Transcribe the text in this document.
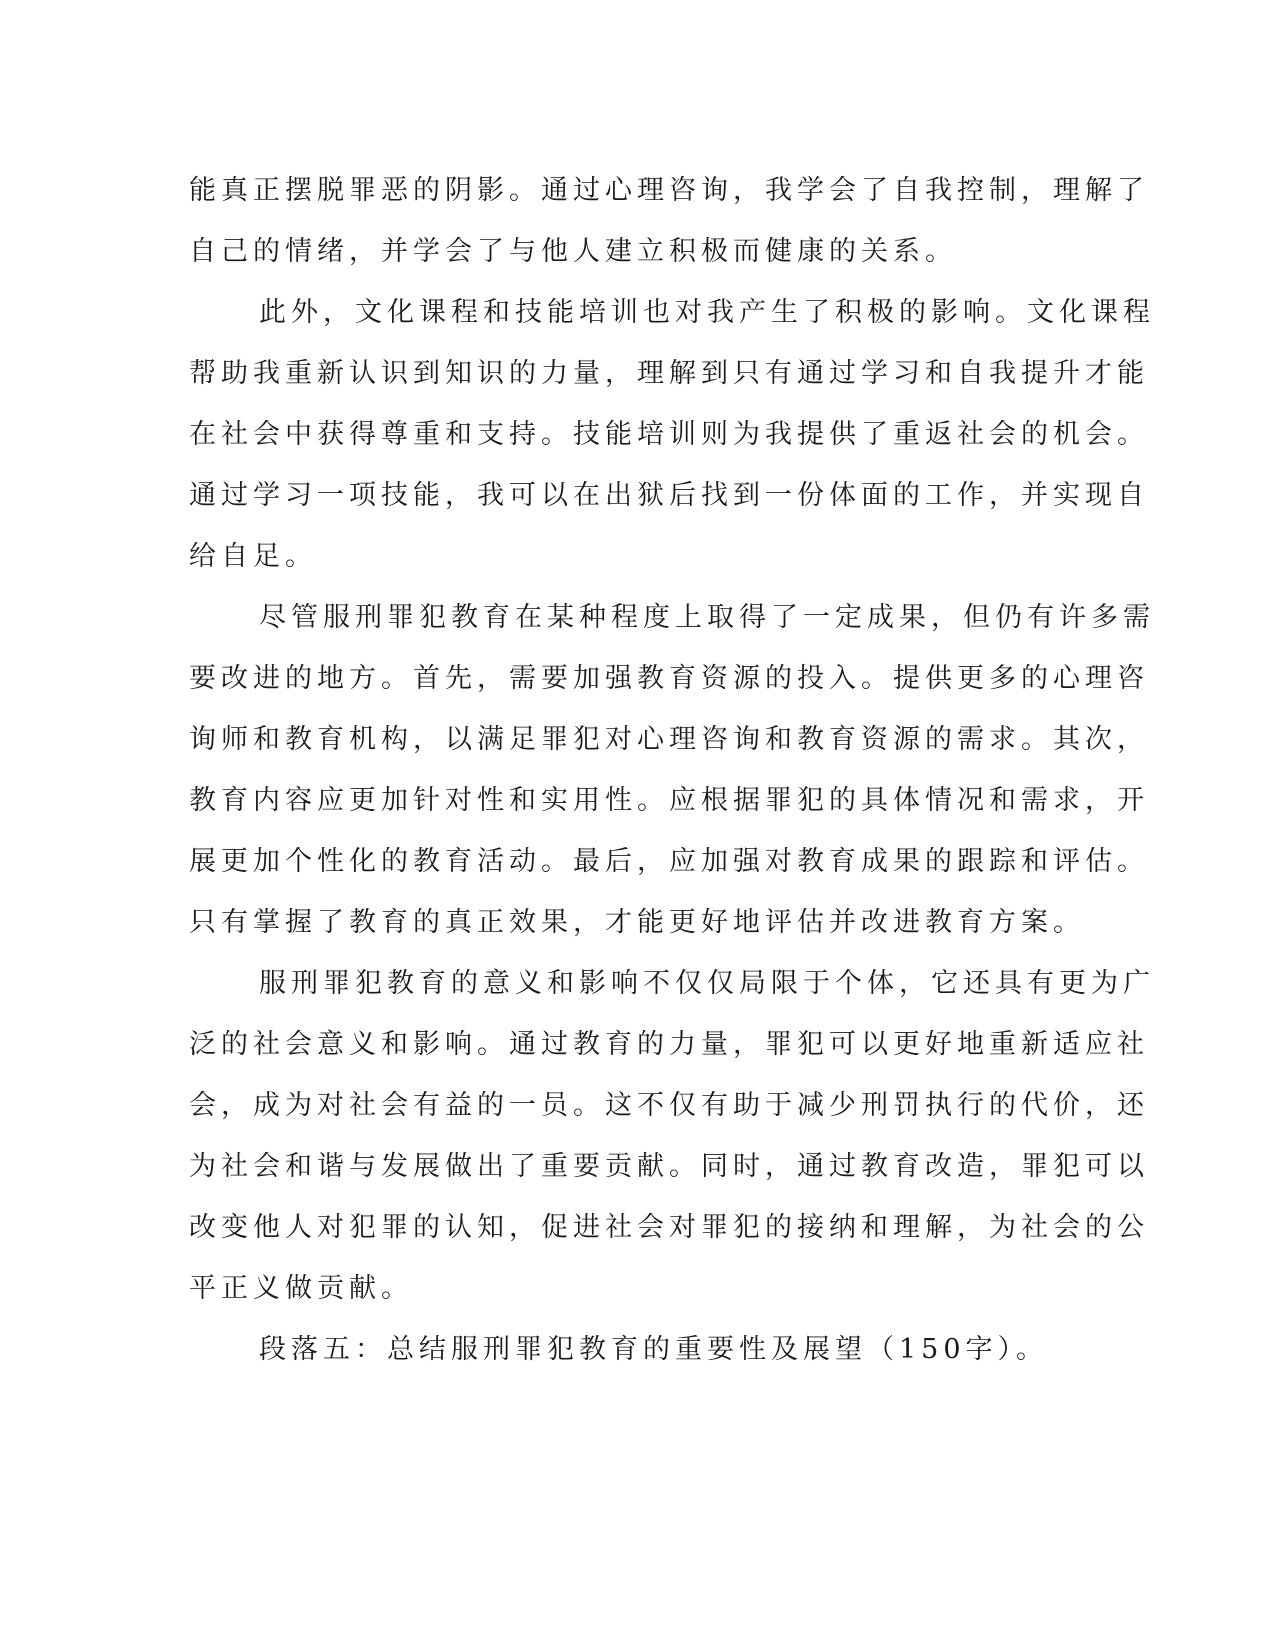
能真正摆脱罪恶的阴影。通过心理咨询，我学会了自我控制，理解了
自己的情绪，并学会了与他人建立积极而健康的关系。
此外，文化课程和技能培训也对我产生了积极的影响。文化课程
帮助我重新认识到知识的力量，理解到只有通过学习和自我提升才能
在社会中获得尊重和支持。技能培训则为我提供了重返社会的机会。
通过学习一项技能，我可以在出狱后找到一份体面的工作，并实现自
给自足。
尽管服刑罪犯教育在某种程度上取得了一定成果，但仍有许多需
要改进的地方。首先，需要加强教育资源的投入。提供更多的心理咨
询师和教育机构，以满足罪犯对心理咨询和教育资源的需求。其次，
教育内容应更加针对性和实用性。应根据罪犯的具体情况和需求，开
展更加个性化的教育活动。最后，应加强对教育成果的跟踪和评估。
只有掌握了教育的真正效果，才能更好地评估并改进教育方案。
服刑罪犯教育的意义和影响不仅仅局限于个体，它还具有更为广
泛的社会意义和影响。通过教育的力量，罪犯可以更好地重新适应社
会，成为对社会有益的一员。这不仅有助于减少刑罚执行的代价，还
为社会和谐与发展做出了重要贡献。同时，通过教育改造，罪犯可以
改变他人对犯罪的认知，促进社会对罪犯的接纳和理解，为社会的公
平正义做贡献。
段落五：总结服刑罪犯教育的重要性及展望（150字）。
